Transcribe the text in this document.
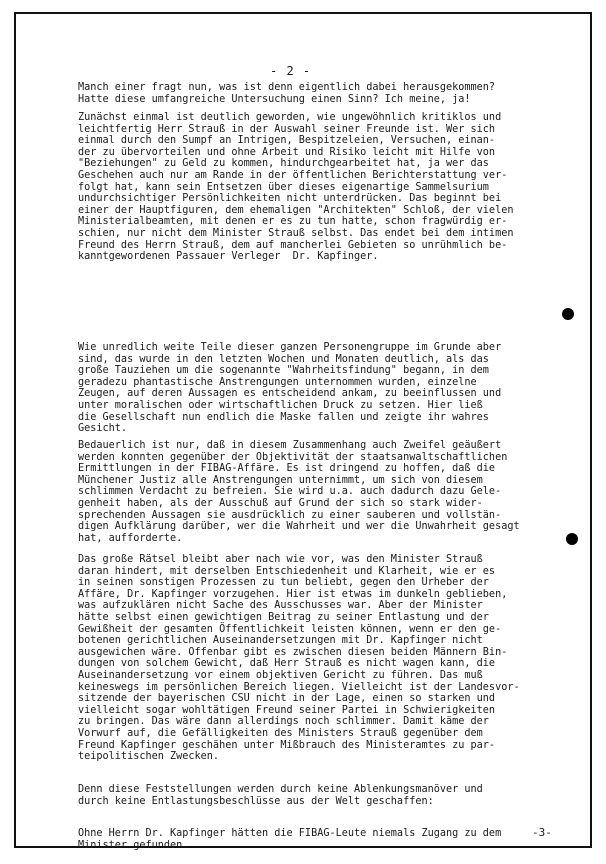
- 2 -
Manch einer fragt nun, was ist denn eigentlich dabei herausgekommen?
Hatte diese umfangreiche Untersuchung einen Sinn? Ich meine, ja!
Zunächst einmal ist deutlich geworden, wie ungewöhnlich kritiklos und
leichtfertig Herr Strauß in der Auswahl seiner Freunde ist. Wer sich
einmal durch den Sumpf an Intrigen, Bespitzeleien, Versuchen, einan-
der zu übervorteilen und ohne Arbeit und Risiko leicht mit Hilfe von
"Beziehungen" zu Geld zu kommen, hindurchgearbeitet hat, ja wer das
Geschehen auch nur am Rande in der öffentlichen Berichterstattung ver-
folgt hat, kann sein Entsetzen über dieses eigenartige Sammelsurium
undurchsichtiger Persönlichkeiten nicht unterdrücken. Das beginnt bei
einer der Hauptfiguren, dem ehemaligen "Architekten" Schloß, der vielen
Ministerialbeamten, mit denen er es zu tun hatte, schon fragwürdig er-
schien, nur nicht dem Minister Strauß selbst. Das endet bei dem intimen
Freund des Herrn Strauß, dem auf mancherlei Gebieten so unrühmlich be-
kanntgewordenen Passauer Verleger  Dr. Kapfinger.
Wie unredlich weite Teile dieser ganzen Personengruppe im Grunde aber
sind, das wurde in den letzten Wochen und Monaten deutlich, als das
große Tauziehen um die sogenannte "Wahrheitsfindung" begann, in dem
geradezu phantastische Anstrengungen unternommen wurden, einzelne
Zeugen, auf deren Aussagen es entscheidend ankam, zu beeinflussen und
unter moralischen oder wirtschaftlichen Druck zu setzen. Hier ließ
die Gesellschaft nun endlich die Maske fallen und zeigte ihr wahres
Gesicht.
Bedauerlich ist nur, daß in diesem Zusammenhang auch Zweifel geäußert
werden konnten gegenüber der Objektivität der staatsanwaltschaftlichen
Ermittlungen in der FIBAG-Affäre. Es ist dringend zu hoffen, daß die
Münchener Justiz alle Anstrengungen unternimmt, um sich von diesem
schlimmen Verdacht zu befreien. Sie wird u.a. auch dadurch dazu Gele-
genheit haben, als der Ausschuß auf Grund der sich so stark wider-
sprechenden Aussagen sie ausdrücklich zu einer sauberen und vollstän-
digen Aufklärung darüber, wer die Wahrheit und wer die Unwahrheit gesagt
hat, aufforderte.
Das große Rätsel bleibt aber nach wie vor, was den Minister Strauß
daran hindert, mit derselben Entschiedenheit und Klarheit, wie er es
in seinen sonstigen Prozessen zu tun beliebt, gegen den Urheber der
Affäre, Dr. Kapfinger vorzugehen. Hier ist etwas im dunkeln geblieben,
was aufzuklären nicht Sache des Ausschusses war. Aber der Minister
hätte selbst einen gewichtigen Beitrag zu seiner Entlastung und der
Gewißheit der gesamten Öffentlichkeit leisten können, wenn er den ge-
botenen gerichtlichen Auseinandersetzungen mit Dr. Kapfinger nicht
ausgewichen wäre. Offenbar gibt es zwischen diesen beiden Männern Bin-
dungen von solchem Gewicht, daß Herr Strauß es nicht wagen kann, die
Auseinandersetzung vor einem objektiven Gericht zu führen. Das muß
keineswegs im persönlichen Bereich liegen. Vielleicht ist der Landesvor-
sitzende der bayerischen CSU nicht in der Lage, einen so starken und
vielleicht sogar wohltätigen Freund seiner Partei in Schwierigkeiten
zu bringen. Das wäre dann allerdings noch schlimmer. Damit käme der
Vorwurf auf, die Gefälligkeiten des Ministers Strauß gegenüber dem
Freund Kapfinger geschähen unter Mißbrauch des Ministeramtes zu par-
teipolitischen Zwecken.
Denn diese Feststellungen werden durch keine Ablenkungsmanöver und
durch keine Entlastungsbeschlüsse aus der Welt geschaffen:
Ohne Herrn Dr. Kapfinger hätten die FIBAG-Leute niemals Zugang zu dem
Minister gefunden.
-3-
